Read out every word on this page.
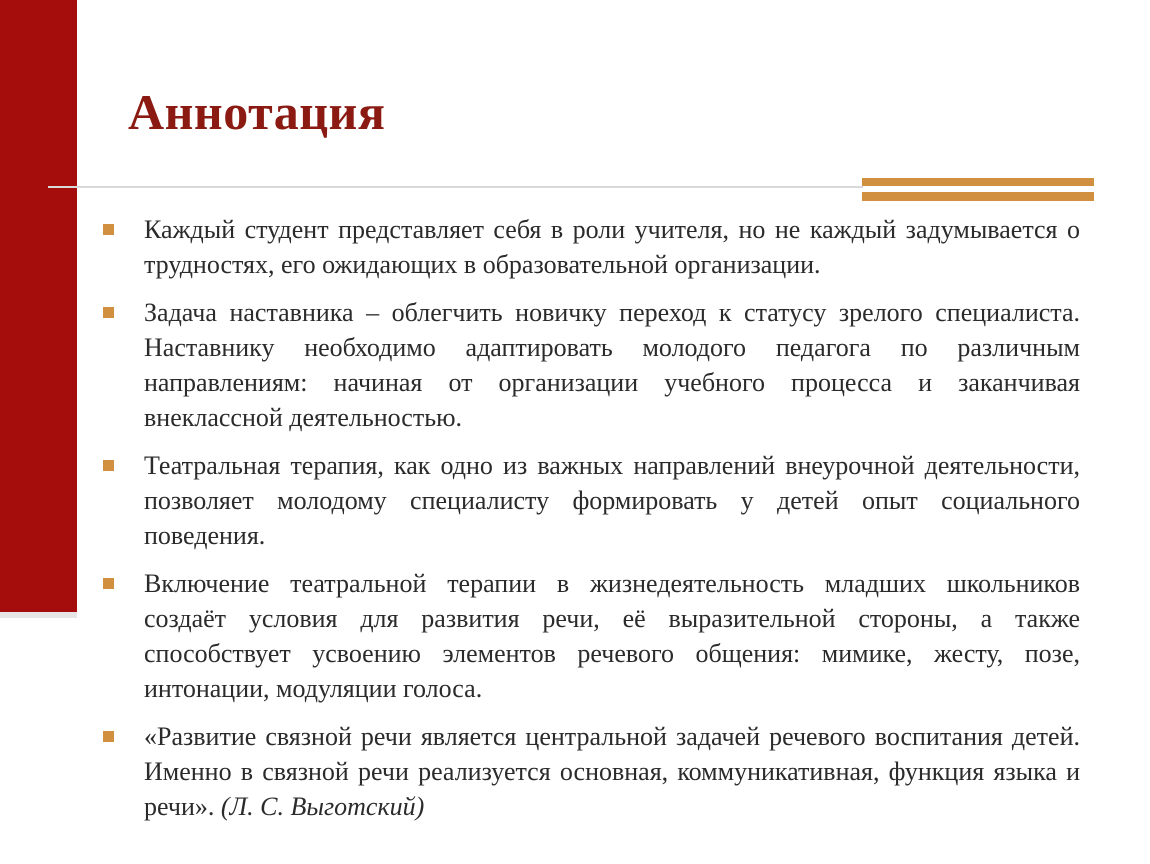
Аннотация
Каждый студент представляет себя в роли учителя, но не каждый задумывается о трудностях, его ожидающих в образовательной организации.
Задача наставника – облегчить новичку переход к статусу зрелого специалиста. Наставнику необходимо адаптировать молодого педагога по различным направлениям: начиная от организации учебного процесса и заканчивая внеклассной деятельностью.
Театральная терапия, как одно из важных направлений внеурочной деятельности, позволяет молодому специалисту формировать у детей опыт социального поведения.
Включение театральной терапии в жизнедеятельность младших школьников создаёт условия для развития речи, её выразительной стороны, а также способствует усвоению элементов речевого общения: мимике, жесту, позе, интонации, модуляции голоса.
«Развитие связной речи является центральной задачей речевого воспитания детей. Именно в связной речи реализуется основная, коммуникативная, функция языка и речи». (Л. С. Выготский)
